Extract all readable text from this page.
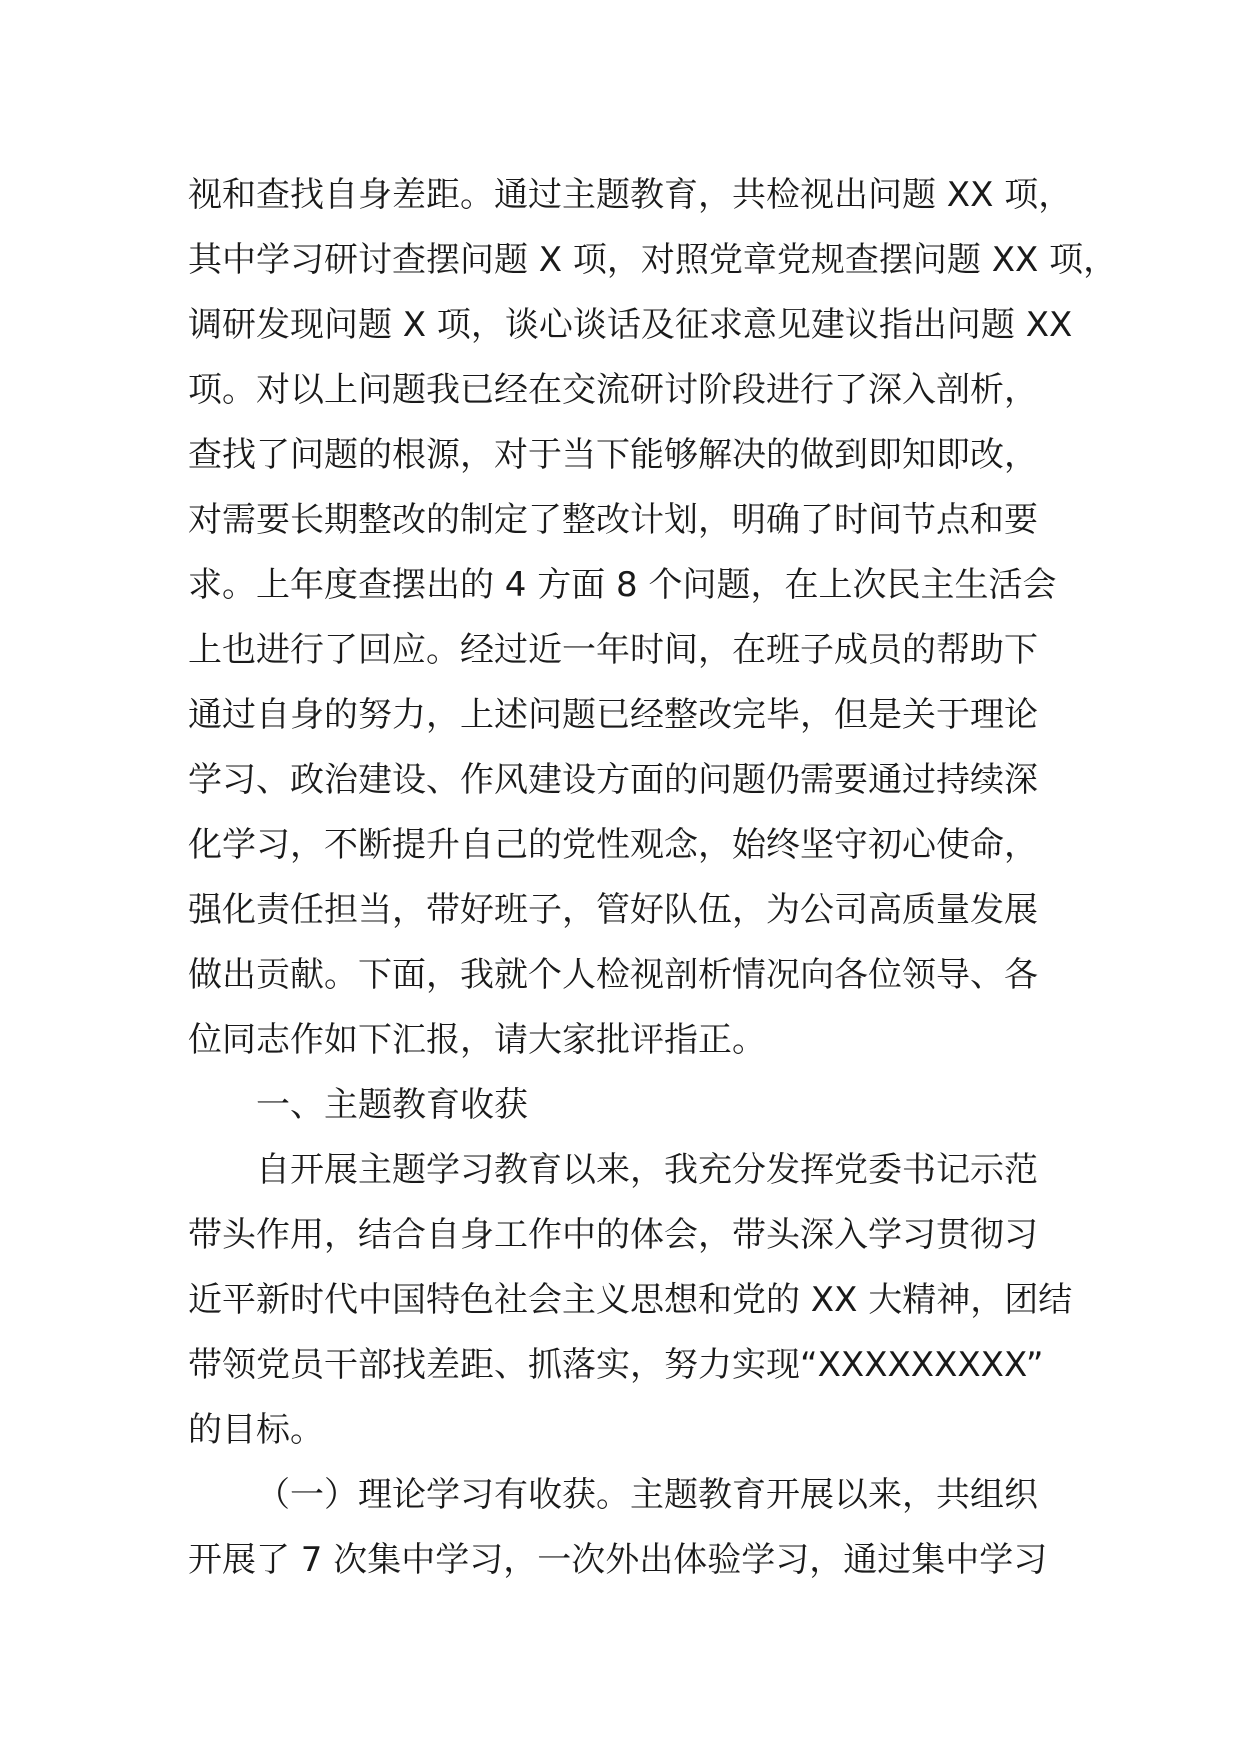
视和查找自身差距。通过主题教育，共检视出问题 XX 项，
其中学习研讨查摆问题 X 项，对照党章党规查摆问题 XX 项，
调研发现问题 X 项，谈心谈话及征求意见建议指出问题 XX
项。对以上问题我已经在交流研讨阶段进行了深入剖析，
查找了问题的根源，对于当下能够解决的做到即知即改，
对需要长期整改的制定了整改计划，明确了时间节点和要
求。上年度查摆出的 4 方面 8 个问题，在上次民主生活会
上也进行了回应。经过近一年时间，在班子成员的帮助下
通过自身的努力，上述问题已经整改完毕，但是关于理论
学习、政治建设、作风建设方面的问题仍需要通过持续深
化学习，不断提升自己的党性观念，始终坚守初心使命，
强化责任担当，带好班子，管好队伍，为公司高质量发展
做出贡献。下面，我就个人检视剖析情况向各位领导、各
位同志作如下汇报，请大家批评指正。
一、主题教育收获
自开展主题学习教育以来，我充分发挥党委书记示范
带头作用，结合自身工作中的体会，带头深入学习贯彻习
近平新时代中国特色社会主义思想和党的 XX 大精神，团结
带领党员干部找差距、抓落实，努力实现“XXXXXXXXX”
的目标。
（一）理论学习有收获。主题教育开展以来，共组织
开展了 7 次集中学习，一次外出体验学习，通过集中学习
